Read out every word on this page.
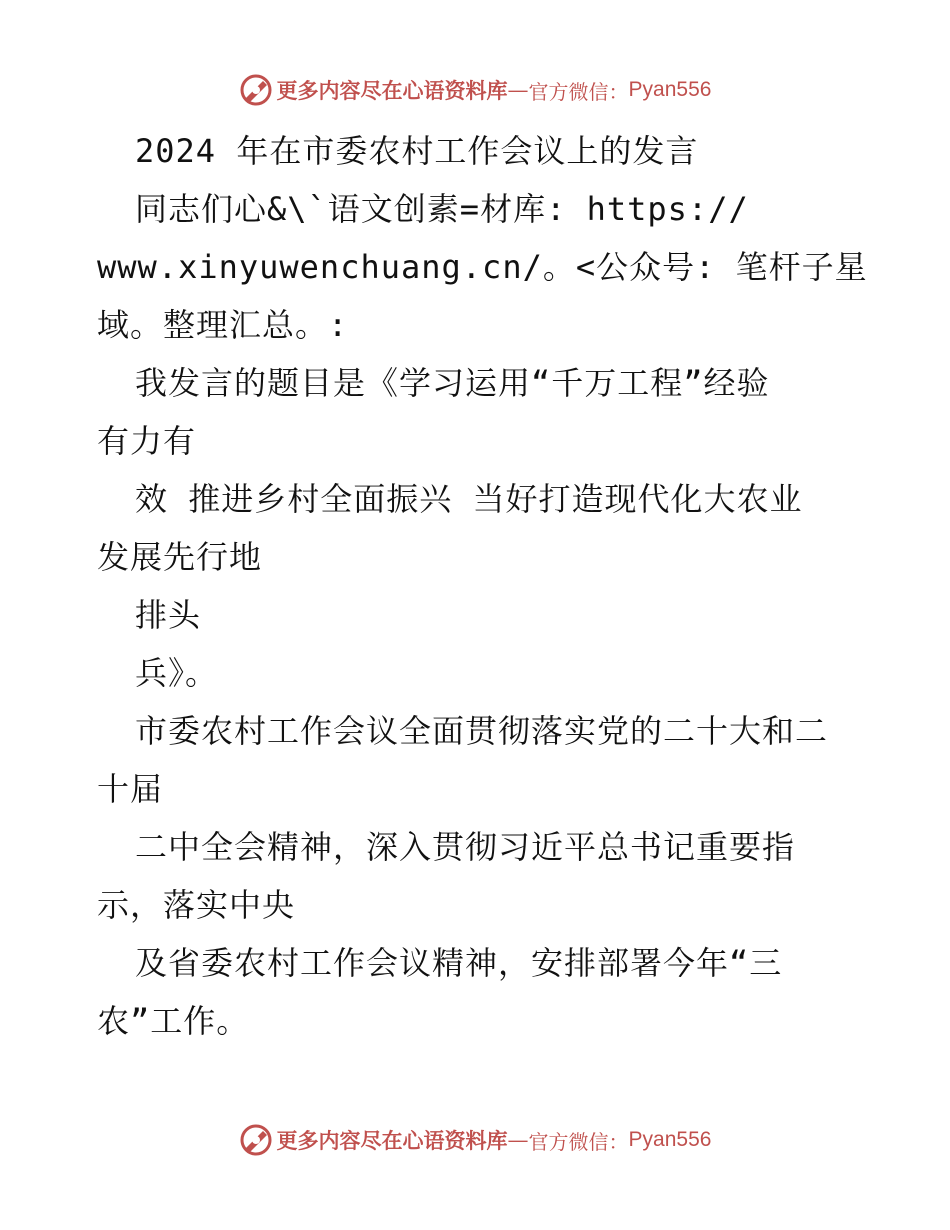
更多内容尽在心语资料库 — 官方微信： Pyan556
2024 年在市委农村工作会议上的发言
同志们心&\`语文创素=材库: https://
www.xinyuwenchuang.cn/。<公众号: 笔杆子星
域。整理汇总。:
我发言的题目是《学习运用“千万工程”经验
有力有
效 推进乡村全面振兴 当好打造现代化大农业
发展先行地
排头
兵》。
市委农村工作会议全面贯彻落实党的二十大和二
十届
二中全会精神，深入贯彻习近平总书记重要指
示，落实中央
及省委农村工作会议精神，安排部署今年“三
农”工作。
更多内容尽在心语资料库 — 官方微信： Pyan556
